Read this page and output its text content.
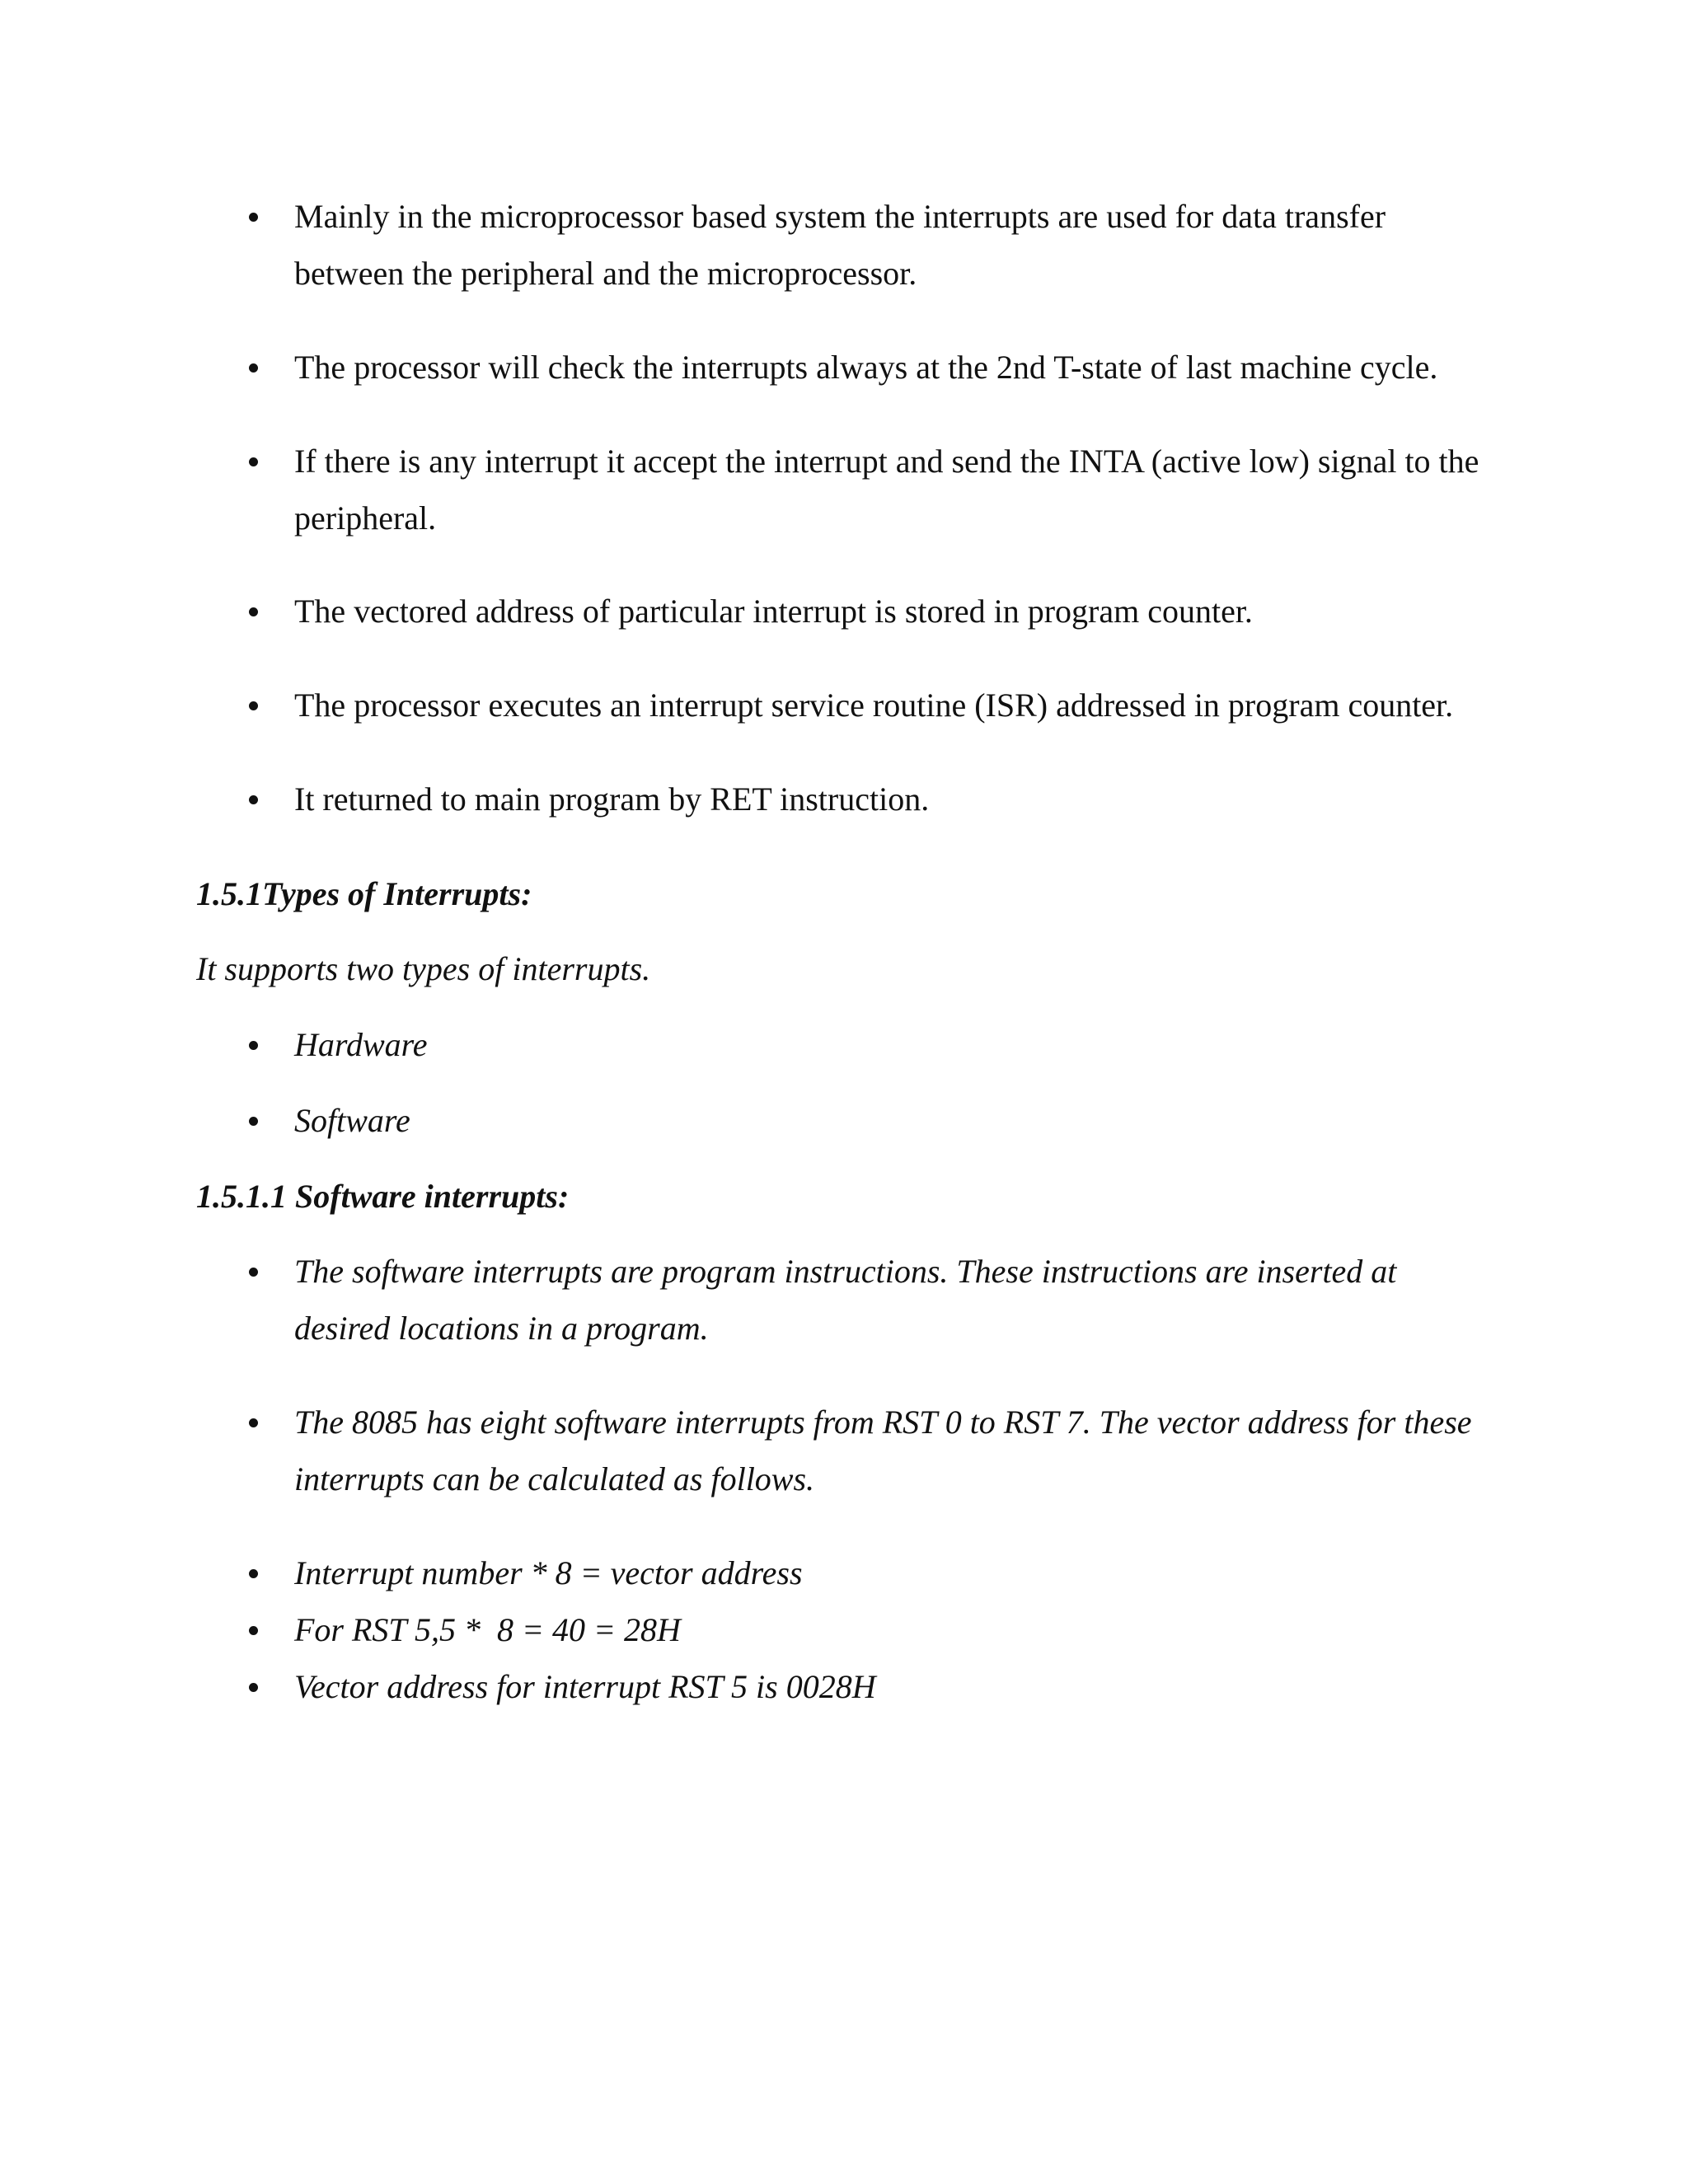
Mainly in the microprocessor based system the interrupts are used for data transfer between the peripheral and the microprocessor.
The processor will check the interrupts always at the 2nd T-state of last machine cycle.
If there is any interrupt it accept the interrupt and send the INTA (active low) signal to the peripheral.
The vectored address of particular interrupt is stored in program counter.
The processor executes an interrupt service routine (ISR) addressed in program counter.
It returned to main program by RET instruction.
1.5.1Types of Interrupts:

It supports two types of interrupts.

Hardware
Software
1.5.1.1 Software interrupts:
The software interrupts are program instructions. These instructions are inserted at desired locations in a program.
The 8085 has eight software interrupts from RST 0 to RST 7. The vector address for these interrupts can be calculated as follows.
Interrupt number * 8 = vector address
For RST 5,5 *  8 = 40 = 28H
Vector address for interrupt RST 5 is 0028H
